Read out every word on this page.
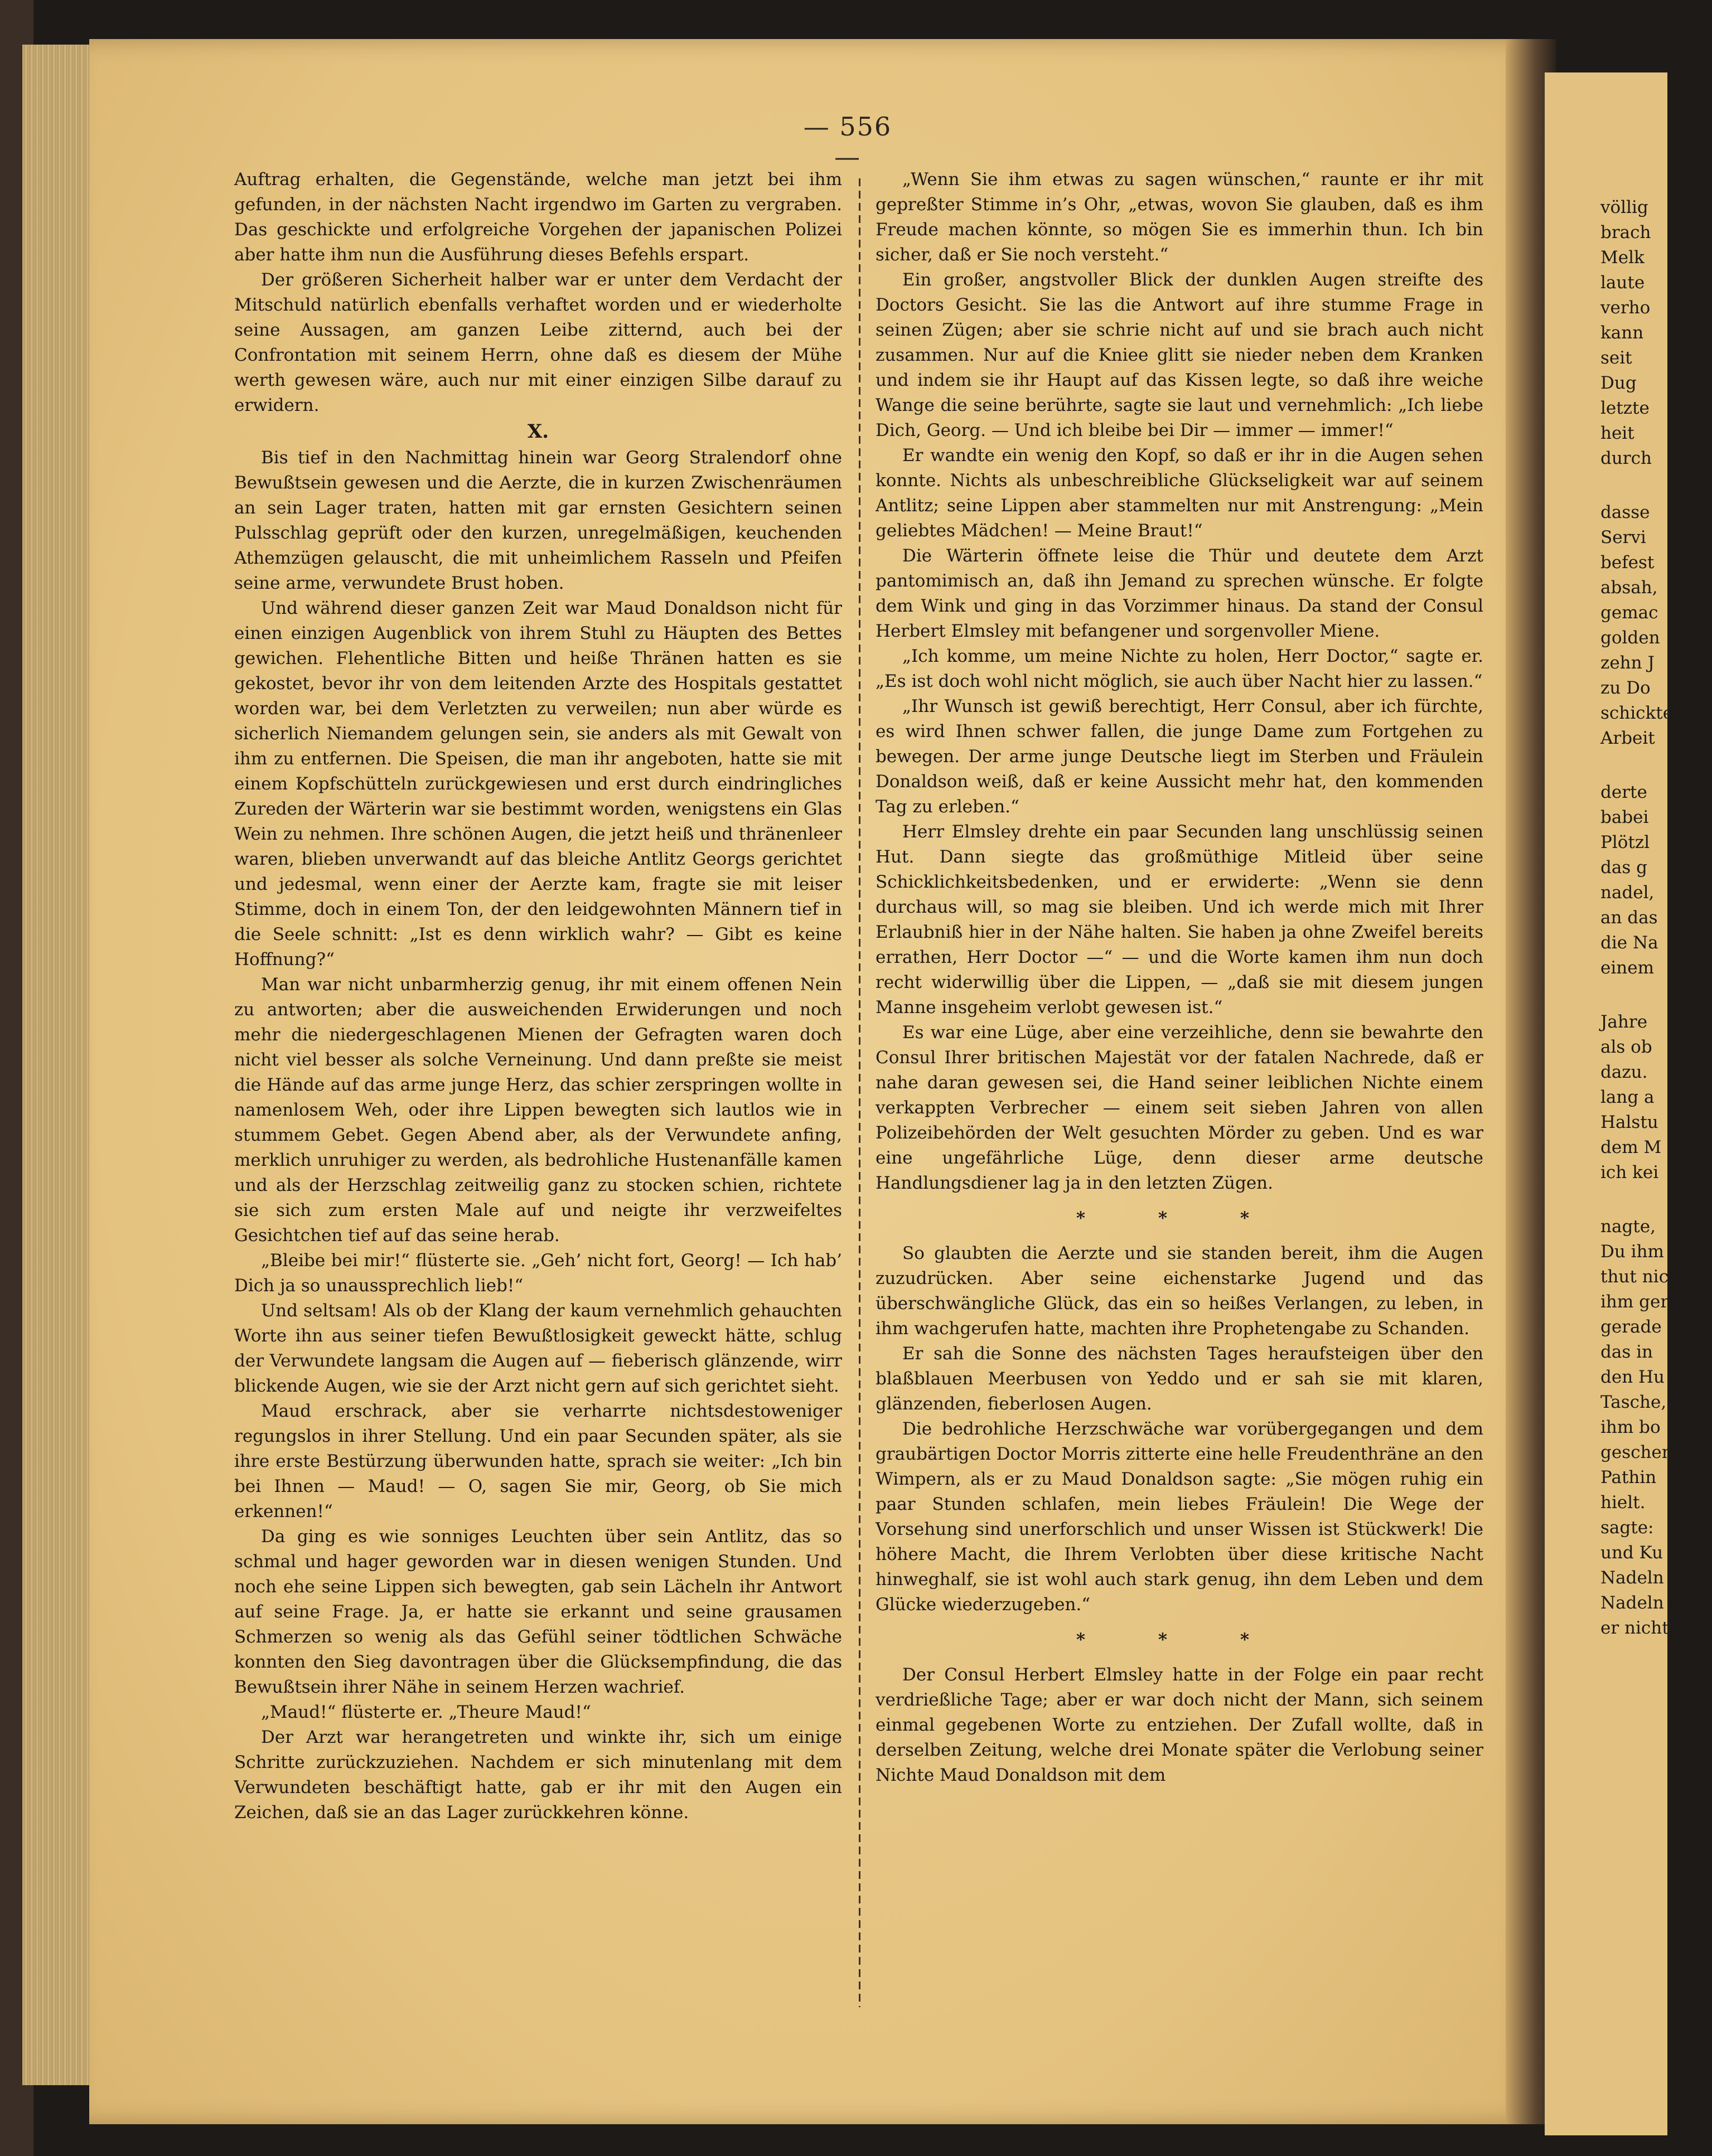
— 556 —

Auftrag erhalten, die Gegenstände, welche man jetzt bei ihm gefunden, in der nächsten Nacht irgendwo im Garten zu vergraben. Das geschickte und erfolgreiche Vorgehen der japanischen Polizei aber hatte ihm nun die Ausführung dieses Befehls erspart.

Der größeren Sicherheit halber war er unter dem Verdacht der Mitschuld natürlich ebenfalls verhaftet worden und er wiederholte seine Aussagen, am ganzen Leibe zitternd, auch bei der Confrontation mit seinem Herrn, ohne daß es diesem der Mühe werth gewesen wäre, auch nur mit einer einzigen Silbe darauf zu erwidern.

X.

Bis tief in den Nachmittag hinein war Georg Stralendorf ohne Bewußtsein gewesen und die Aerzte, die in kurzen Zwischenräumen an sein Lager traten, hatten mit gar ernsten Gesichtern seinen Pulsschlag geprüft oder den kurzen, unregelmäßigen, keuchenden Athemzügen gelauscht, die mit unheimlichem Rasseln und Pfeifen seine arme, verwundete Brust hoben.

Und während dieser ganzen Zeit war Maud Donaldson nicht für einen einzigen Augenblick von ihrem Stuhl zu Häupten des Bettes gewichen. Flehentliche Bitten und heiße Thränen hatten es sie gekostet, bevor ihr von dem leitenden Arzte des Hospitals gestattet worden war, bei dem Verletzten zu verweilen; nun aber würde es sicherlich Niemandem gelungen sein, sie anders als mit Gewalt von ihm zu entfernen. Die Speisen, die man ihr angeboten, hatte sie mit einem Kopfschütteln zurückgewiesen und erst durch eindringliches Zureden der Wärterin war sie bestimmt worden, wenigstens ein Glas Wein zu nehmen. Ihre schönen Augen, die jetzt heiß und thränenleer waren, blieben unverwandt auf das bleiche Antlitz Georgs gerichtet und jedesmal, wenn einer der Aerzte kam, fragte sie mit leiser Stimme, doch in einem Ton, der den leidgewohnten Männern tief in die Seele schnitt: „Ist es denn wirklich wahr? — Gibt es keine Hoffnung?“

Man war nicht unbarmherzig genug, ihr mit einem offenen Nein zu antworten; aber die ausweichenden Erwiderungen und noch mehr die niedergeschlagenen Mienen der Gefragten waren doch nicht viel besser als solche Verneinung. Und dann preßte sie meist die Hände auf das arme junge Herz, das schier zerspringen wollte in namenlosem Weh, oder ihre Lippen bewegten sich lautlos wie in stummem Gebet. Gegen Abend aber, als der Verwundete anfing, merklich unruhiger zu werden, als bedrohliche Hustenanfälle kamen und als der Herzschlag zeitweilig ganz zu stocken schien, richtete sie sich zum ersten Male auf und neigte ihr verzweifeltes Gesichtchen tief auf das seine herab.

„Bleibe bei mir!“ flüsterte sie. „Geh’ nicht fort, Georg! — Ich hab’ Dich ja so unaussprechlich lieb!“

Und seltsam! Als ob der Klang der kaum vernehmlich gehauchten Worte ihn aus seiner tiefen Bewußtlosigkeit geweckt hätte, schlug der Verwundete langsam die Augen auf — fieberisch glänzende, wirr blickende Augen, wie sie der Arzt nicht gern auf sich gerichtet sieht.

Maud erschrack, aber sie verharrte nichtsdestoweniger regungslos in ihrer Stellung. Und ein paar Secunden später, als sie ihre erste Bestürzung überwunden hatte, sprach sie weiter: „Ich bin bei Ihnen — Maud! — O, sagen Sie mir, Georg, ob Sie mich erkennen!“

Da ging es wie sonniges Leuchten über sein Antlitz, das so schmal und hager geworden war in diesen wenigen Stunden. Und noch ehe seine Lippen sich bewegten, gab sein Lächeln ihr Antwort auf seine Frage. Ja, er hatte sie erkannt und seine grausamen Schmerzen so wenig als das Gefühl seiner tödtlichen Schwäche konnten den Sieg davontragen über die Glücksempfindung, die das Bewußtsein ihrer Nähe in seinem Herzen wachrief.

„Maud!“ flüsterte er. „Theure Maud!“

Der Arzt war herangetreten und winkte ihr, sich um einige Schritte zurückzuziehen. Nachdem er sich minutenlang mit dem Verwundeten beschäftigt hatte, gab er ihr mit den Augen ein Zeichen, daß sie an das Lager zurückkehren könne.

„Wenn Sie ihm etwas zu sagen wünschen,“ raunte er ihr mit gepreßter Stimme in’s Ohr, „etwas, wovon Sie glauben, daß es ihm Freude machen könnte, so mögen Sie es immerhin thun. Ich bin sicher, daß er Sie noch versteht.“

Ein großer, angstvoller Blick der dunklen Augen streifte des Doctors Gesicht. Sie las die Antwort auf ihre stumme Frage in seinen Zügen; aber sie schrie nicht auf und sie brach auch nicht zusammen. Nur auf die Kniee glitt sie nieder neben dem Kranken und indem sie ihr Haupt auf das Kissen legte, so daß ihre weiche Wange die seine berührte, sagte sie laut und vernehmlich: „Ich liebe Dich, Georg. — Und ich bleibe bei Dir — immer — immer!“

Er wandte ein wenig den Kopf, so daß er ihr in die Augen sehen konnte. Nichts als unbeschreibliche Glückseligkeit war auf seinem Antlitz; seine Lippen aber stammelten nur mit Anstrengung: „Mein geliebtes Mädchen! — Meine Braut!“

Die Wärterin öffnete leise die Thür und deutete dem Arzt pantomimisch an, daß ihn Jemand zu sprechen wünsche. Er folgte dem Wink und ging in das Vorzimmer hinaus. Da stand der Consul Herbert Elmsley mit befangener und sorgenvoller Miene.

„Ich komme, um meine Nichte zu holen, Herr Doctor,“ sagte er. „Es ist doch wohl nicht möglich, sie auch über Nacht hier zu lassen.“

„Ihr Wunsch ist gewiß berechtigt, Herr Consul, aber ich fürchte, es wird Ihnen schwer fallen, die junge Dame zum Fortgehen zu bewegen. Der arme junge Deutsche liegt im Sterben und Fräulein Donaldson weiß, daß er keine Aussicht mehr hat, den kommenden Tag zu erleben.“

Herr Elmsley drehte ein paar Secunden lang unschlüssig seinen Hut. Dann siegte das großmüthige Mitleid über seine Schicklichkeitsbedenken, und er erwiderte: „Wenn sie denn durchaus will, so mag sie bleiben. Und ich werde mich mit Ihrer Erlaubniß hier in der Nähe halten. Sie haben ja ohne Zweifel bereits errathen, Herr Doctor —“ — und die Worte kamen ihm nun doch recht widerwillig über die Lippen, — „daß sie mit diesem jungen Manne insgeheim verlobt gewesen ist.“

Es war eine Lüge, aber eine verzeihliche, denn sie bewahrte den Consul Ihrer britischen Majestät vor der fatalen Nachrede, daß er nahe daran gewesen sei, die Hand seiner leiblichen Nichte einem verkappten Verbrecher — einem seit sieben Jahren von allen Polizeibehörden der Welt gesuchten Mörder zu geben. Und es war eine ungefährliche Lüge, denn dieser arme deutsche Handlungsdiener lag ja in den letzten Zügen.

* * *

So glaubten die Aerzte und sie standen bereit, ihm die Augen zuzudrücken. Aber seine eichenstarke Jugend und das überschwängliche Glück, das ein so heißes Verlangen, zu leben, in ihm wachgerufen hatte, machten ihre Prophetengabe zu Schanden.

Er sah die Sonne des nächsten Tages heraufsteigen über den blaßblauen Meerbusen von Yeddo und er sah sie mit klaren, glänzenden, fieberlosen Augen.

Die bedrohliche Herzschwäche war vorübergegangen und dem graubärtigen Doctor Morris zitterte eine helle Freudenthräne an den Wimpern, als er zu Maud Donaldson sagte: „Sie mögen ruhig ein paar Stunden schlafen, mein liebes Fräulein! Die Wege der Vorsehung sind unerforschlich und unser Wissen ist Stückwerk! Die höhere Macht, die Ihrem Verlobten über diese kritische Nacht hinweghalf, sie ist wohl auch stark genug, ihn dem Leben und dem Glücke wiederzugeben.“

* * *

Der Consul Herbert Elmsley hatte in der Folge ein paar recht verdrießliche Tage; aber er war doch nicht der Mann, sich seinem einmal gegebenen Worte zu entziehen. Der Zufall wollte, daß in derselben Zeitung, welche drei Monate später die Verlobung seiner Nichte Maud Donaldson mit dem

völlig

brach

Melk

laute

verho

kann

seit

Dug

letzte

heit

durch

dasse

Servi

befest

absah,

gemac

golden

zehn J

zu Do

schickte

Arbeit

derte

babei

Plötzl

das g

nadel,

an das

die Na

einem

Jahre

als ob

dazu.

lang a

Halstu

dem M

ich kei

nagte,

Du ihm

thut nic

ihm ger

gerade

das in

den Hu

Tasche,

ihm bo

geschenk

Pathin

hielt.

sagte:

und Ku

Nadeln

Nadeln e

er nicht,
